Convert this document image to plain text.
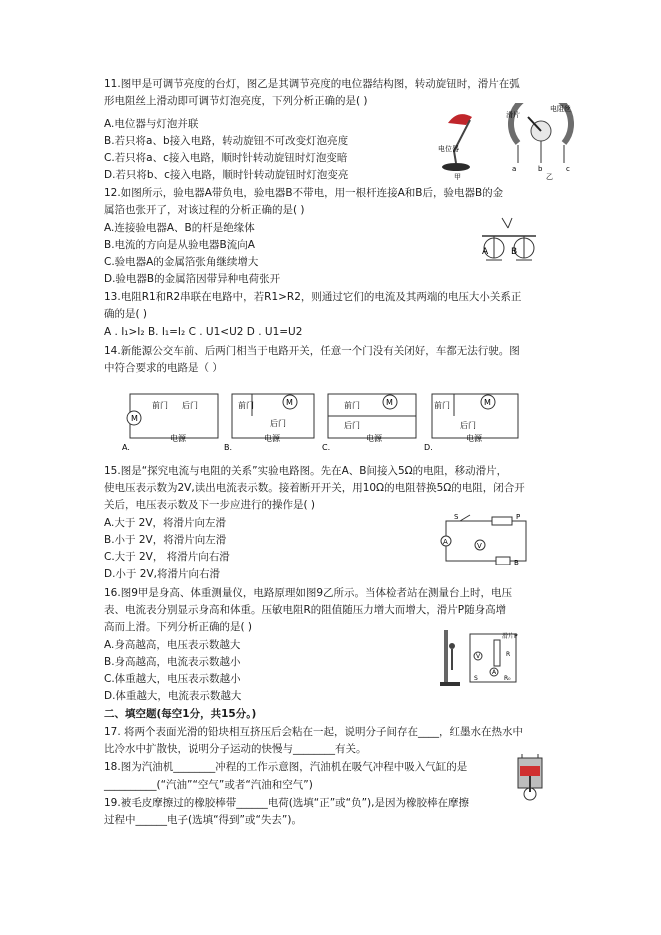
11.图甲是可调节亮度的台灯，图乙是其调节亮度的电位器结构图，转动旋钮时，滑片在弧
形电阻丝上滑动即可调节灯泡亮度，下列分析正确的是( )
A.电位器与灯泡并联
B.若只将a、b接入电路，转动旋钮不可改变灯泡亮度
C.若只将a、c接入电路，顺时针转动旋钮时灯泡变暗
D.若只将b、c接入电路，顺时针转动旋钮时灯泡变亮
电位器
甲	乙
电阻丝
滑片
a	b	c
12.如图所示，验电器A带负电，验电器B不带电，用一根杆连接A和B后，验电器B的金
属箔也张开了，对该过程的分析正确的是( )
A.连接验电器A、B的杆是绝缘体
B.电流的方向是从验电器B流向A
C.验电器A的金属箔张角继续增大
D.验电器B的金属箔因带异种电荷张开
A	B
13.电阻R1和R2串联在电路中，若R1>R2，则通过它们的电流及其两端的电压大小关系正
确的是( )
A . I₁>I₂ B. I₁=I₂ C . U1<U2 D . U1=U2
14.新能源公交车前、后两门相当于电路开关，任意一个门没有关闭好，车都无法行驶。图
中符合要求的电路是（ ）
M
前门 后门
电源
A.
前门	M
后门
电源
B.
前门	M
后门
电源
C.
前门	M
后门
电源
D.
15.图是“探究电流与电阻的关系”实验电路图。先在A、B间接入5Ω的电阻，移动滑片，
使电压表示数为2V,读出电流表示数。接着断开开关，用10Ω的电阻替换5Ω的电阻，闭合开
关后，电压表示数及下一步应进行的操作是( )
A.大于 2V，将滑片向左滑
B.小于 2V，将滑片向左滑
C.大于 2V， 将滑片向右滑
D.小于 2V,将滑片向右滑
S	P
A	V
B
16.图9甲是身高、体重测量仪，电路原理如图9乙所示。当体检者站在测量台上时，电压
表、电流表分别显示身高和体重。压敏电阻R的阻值随压力增大而增大，滑片P随身高增
高而上滑。下列分析正确的是( )
A.身高越高，电压表示数越大
B.身高越高，电流表示数越小
C.体重越大，电压表示数越小
D.体重越大，电流表示数越大
滑片P
V
A
R
S	R₀
二、填空题(每空1分，共15分。)
17. 将两个表面光滑的铅块相互挤压后会粘在一起，说明分子间存在____，红墨水在热水中
比冷水中扩散快，说明分子运动的快慢与________有关。
18.图为汽油机________冲程的工作示意图，汽油机在吸气冲程中吸入气缸的是
__________(“汽油”“空气”或者“汽油和空气”)
19.被毛皮摩擦过的橡胶棒带______电荷(选填“正”或“负”),是因为橡胶棒在摩擦
过程中______电子(选填“得到”或“失去”)。
